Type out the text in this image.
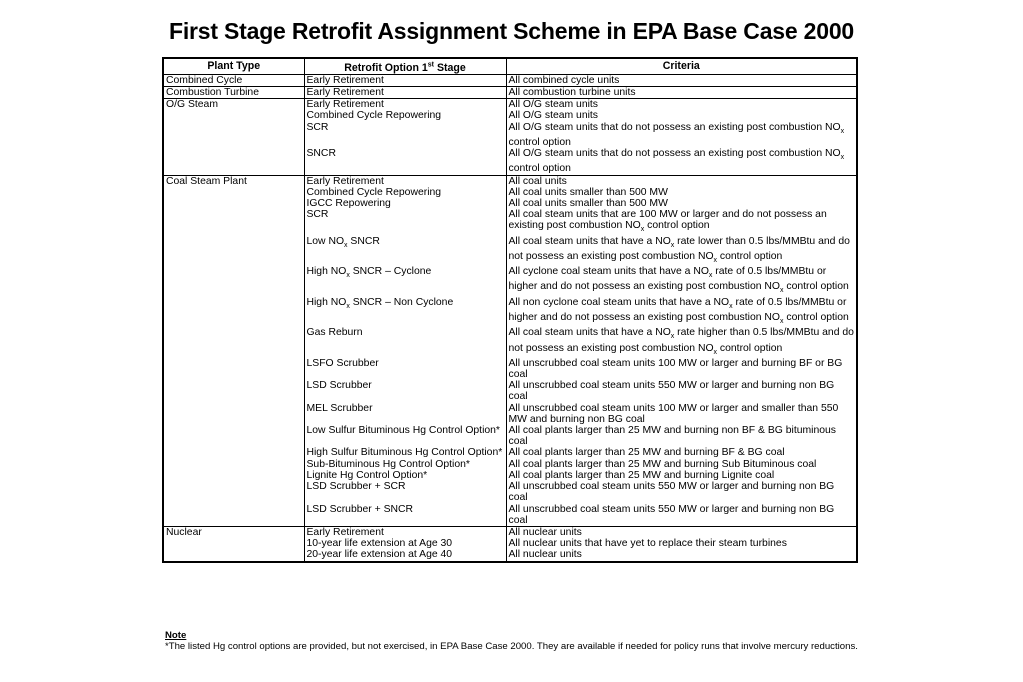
First Stage Retrofit Assignment Scheme in EPA Base Case 2000
Plant Type	Retrofit Option 1st Stage	Criteria
Combined Cycle	Early Retirement	All combined cycle units
Combustion Turbine	Early Retirement	All combustion turbine units
O/G Steam	Early Retirement	All O/G steam units
	Combined Cycle Repowering	All O/G steam units
	SCR	All O/G steam units that do not possess an existing post combustion $NO_x$ control option
	SNCR	All O/G steam units that do not possess an existing post combustion $NO_x$ control option
Coal Steam Plant	Early Retirement	All coal units
	Combined Cycle Repowering	All coal units smaller than 500 MW
	IGCC Repowering	All coal units smaller than 500 MW
	SCR	All coal steam units that are 100 MW or larger and do not possess an existing post combustion $NO_x$ control option
	Low $NO_x$ SNCR	All coal steam units that have a $NO_x$ rate lower than 0.5 lbs/MMBtu and do not possess an existing post combustion $NO_x$ control option
	High $NO_x$ SNCR – Cyclone	All cyclone coal steam units that have a $NO_x$ rate of 0.5 lbs/MMBtu or higher and do not possess an existing post combustion $NO_x$ control option
	High $NO_x$ SNCR – Non Cyclone	All non cyclone coal steam units that have a $NO_x$ rate of 0.5 lbs/MMBtu or higher and do not possess an existing post combustion $NO_x$ control option
	Gas Reburn	All coal steam units that have a $NO_x$ rate higher than 0.5 lbs/MMBtu and do not possess an existing post combustion $NO_x$ control option
	LSFO Scrubber	All unscrubbed coal steam units 100 MW or larger and burning BF or BG coal
	LSD Scrubber	All unscrubbed coal steam units 550 MW or larger and burning non BG coal
	MEL Scrubber	All unscrubbed coal steam units 100 MW or larger and smaller than 550 MW and burning non BG coal
	Low Sulfur Bituminous Hg Control Option*	All coal plants larger than 25 MW and burning non BF & BG bituminous coal
	High Sulfur Bituminous Hg Control Option*	All coal plants larger than 25 MW and burning BF & BG coal
	Sub-Bituminous Hg Control Option*	All coal plants larger than 25 MW and burning Sub Bituminous coal
	Lignite Hg Control Option*	All coal plants larger than 25 MW and burning Lignite coal
	LSD Scrubber + SCR	All unscrubbed coal steam units 550 MW or larger and burning non BG coal
	LSD Scrubber + SNCR	All unscrubbed coal steam units 550 MW or larger and burning non BG coal
Nuclear	Early Retirement	All nuclear units
	10-year life extension at Age 30	All nuclear units that have yet to replace their steam turbines
	20-year life extension at Age 40	All nuclear units
Note
*The listed Hg control options are provided, but not exercised, in EPA Base Case 2000. They are available if needed for policy runs that involve mercury reductions.
